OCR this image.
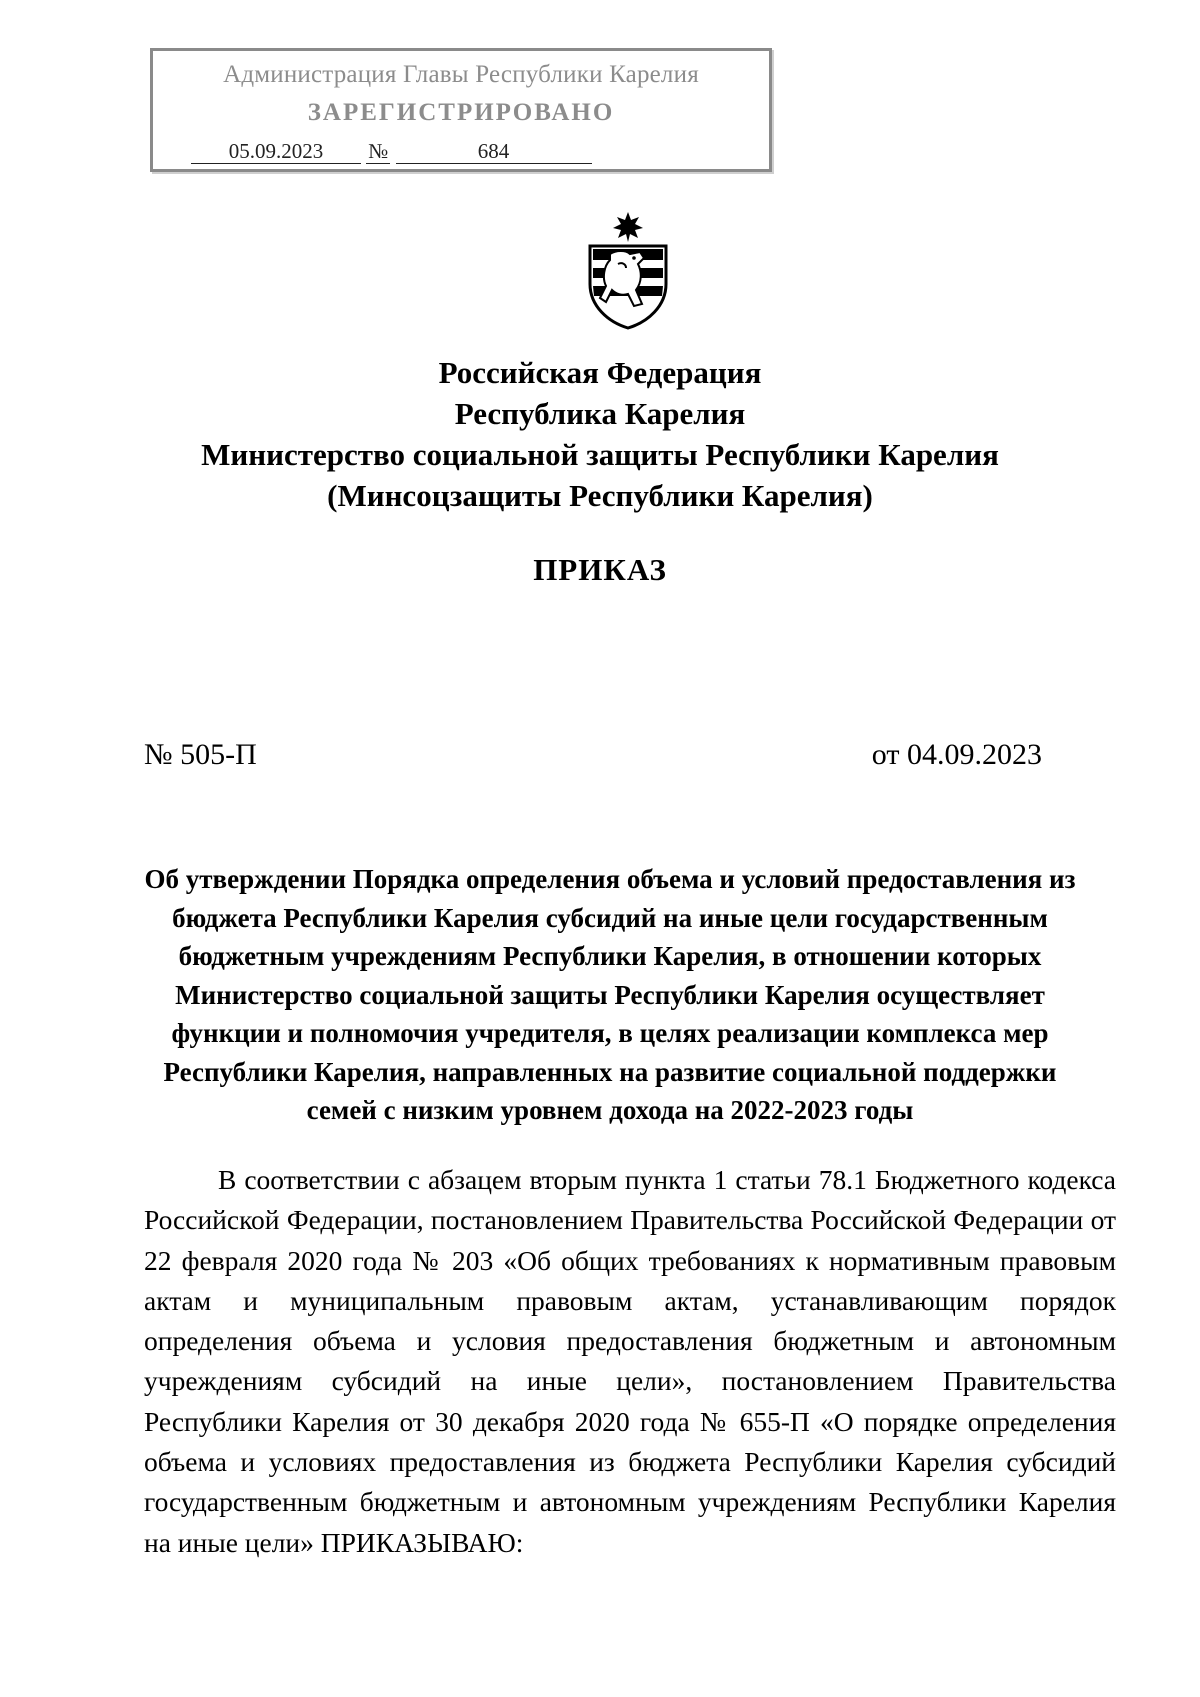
Администрация Главы Республики Карелия
ЗАРЕГИСТРИРОВАНО
05.09.2023 №	684
Российская Федерация
Республика Карелия
Министерство социальной защиты Республики Карелия
(Минсоцзащиты Республики Карелия)
ПРИКАЗ
№ 505-П	от 04.09.2023
Об утверждении Порядка определения объема и условий предоставления из бюджета Республики Карелия субсидий на иные цели государственным бюджетным учреждениям Республики Карелия, в отношении которых Министерство социальной защиты Республики Карелия осуществляет функции и полномочия учредителя, в целях реализации комплекса мер Республики Карелия, направленных на развитие социальной поддержки семей с низким уровнем дохода на 2022-2023 годы

В соответствии с абзацем вторым пункта 1 статьи 78.1 Бюджетного кодекса Российской Федерации, постановлением Правительства Российской Федерации от 22 февраля 2020 года № 203 «Об общих требованиях к нормативным правовым актам и муниципальным правовым актам, устанавливающим порядок определения объема и условия предоставления бюджетным и автономным учреждениям субсидий на иные цели», постановлением Правительства Республики Карелия от 30 декабря 2020 года № 655-П «О порядке определения объема и условиях предоставления из бюджета Республики Карелия субсидий государственным бюджетным и автономным учреждениям Республики Карелия на иные цели» ПРИКАЗЫВАЮ:
